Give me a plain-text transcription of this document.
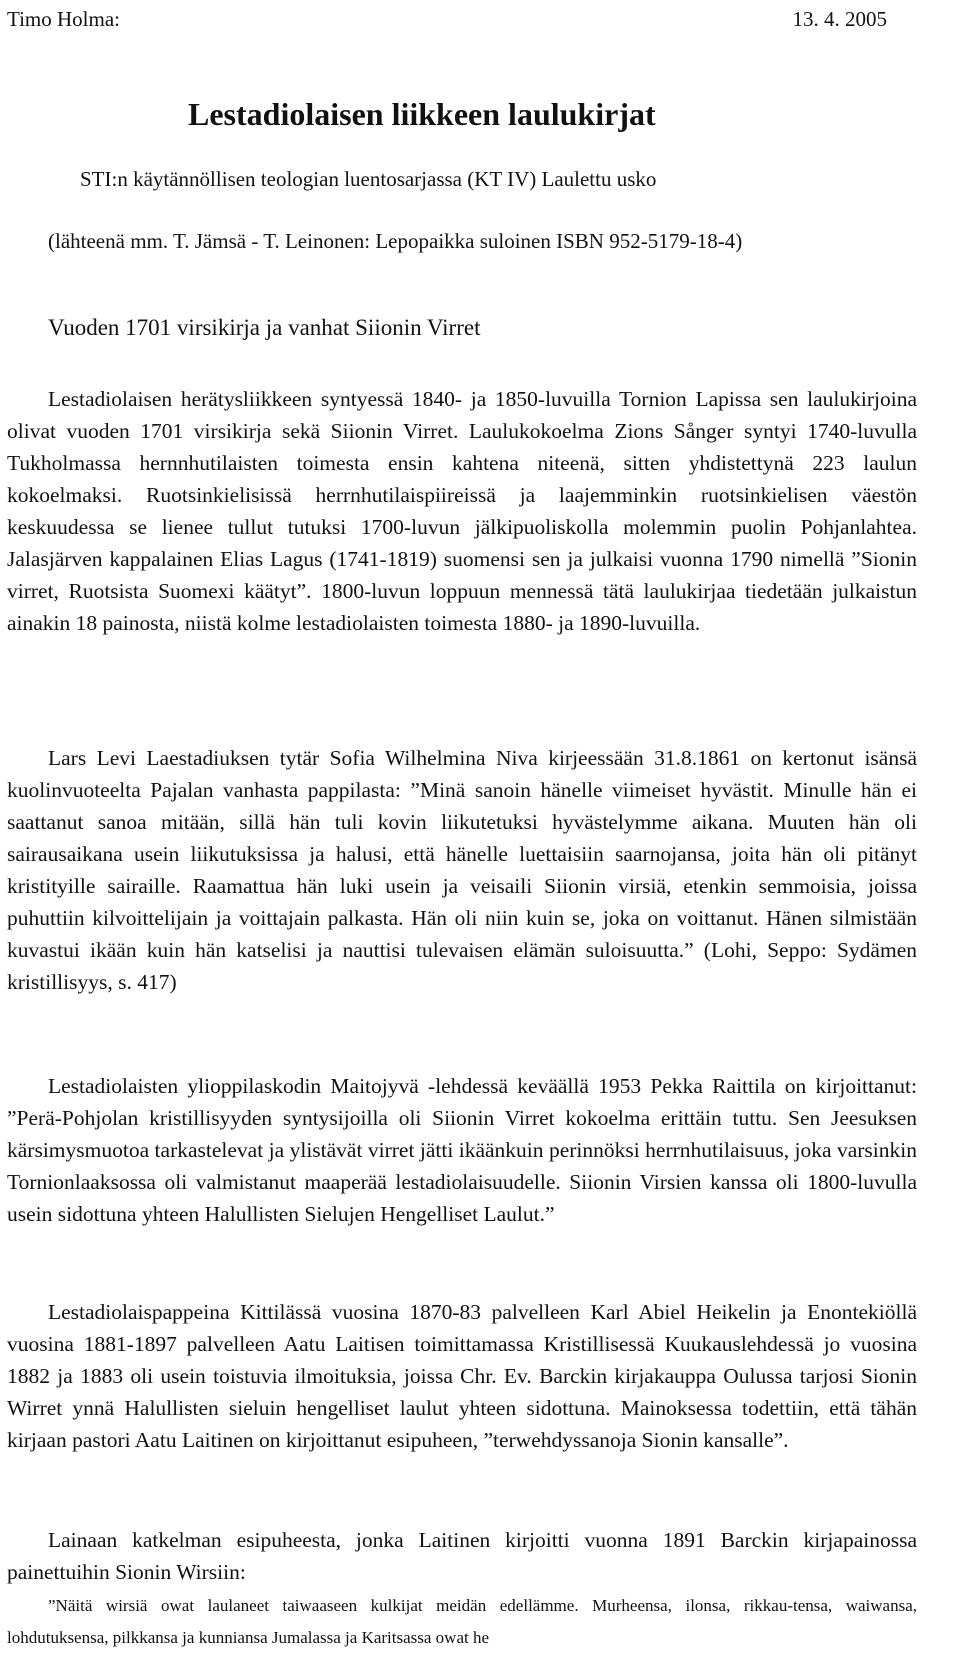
Timo Holma:	13. 4. 2005
Lestadiolaisen liikkeen laulukirjat
STI:n käytännöllisen teologian luentosarjassa (KT IV) Laulettu usko
(lähteenä mm. T. Jämsä - T. Leinonen: Lepopaikka suloinen ISBN 952-5179-18-4)
Vuoden 1701 virsikirja ja vanhat Siionin Virret

Lestadiolaisen herätysliikkeen syntyessä 1840- ja 1850-luvuilla Tornion Lapissa sen laulukirjoina olivat vuoden 1701 virsikirja sekä Siionin Virret. Laulukokoelma Zions Sånger syntyi 1740-luvulla Tukholmassa hernnhutilaisten toimesta ensin kahtena niteenä, sitten yhdistettynä 223 laulun kokoelmaksi. Ruotsinkielisissä herrnhutilaispiireissä ja laajemminkin ruotsinkielisen väestön keskuudessa se lienee tullut tutuksi 1700-luvun jälkipuoliskolla molemmin puolin Pohjanlahtea. Jalasjärven kappalainen Elias Lagus (1741-1819) suomensi sen ja julkaisi vuonna 1790 nimellä ”Sionin virret, Ruotsista Suomexi käätyt”. 1800-luvun loppuun mennessä tätä laulukirjaa tiedetään julkaistun ainakin 18 painosta, niistä kolme lestadiolaisten toimesta 1880- ja 1890-luvuilla.

Lars Levi Laestadiuksen tytär Sofia Wilhelmina Niva kirjeessään 31.8.1861 on kertonut isänsä kuolinvuoteelta Pajalan vanhasta pappilasta: ”Minä sanoin hänelle viimeiset hyvästit. Minulle hän ei saattanut sanoa mitään, sillä hän tuli kovin liikutetuksi hyvästelymme aikana. Muuten hän oli sairausaikana usein liikutuksissa ja halusi, että hänelle luettaisiin saarnojansa, joita hän oli pitänyt kristityille sairaille. Raamattua hän luki usein ja veisaili Siionin virsiä, etenkin semmoisia, joissa puhuttiin kilvoittelijain ja voittajain palkasta. Hän oli niin kuin se, joka on voittanut. Hänen silmistään kuvastui ikään kuin hän katselisi ja nauttisi tulevaisen elämän suloisuutta.” (Lohi, Seppo: Sydämen kristillisyys, s. 417)

Lestadiolaisten ylioppilaskodin Maitojyvä -lehdessä keväällä 1953 Pekka Raittila on kirjoittanut: ”Perä-Pohjolan kristillisyyden syntysijoilla oli Siionin Virret kokoelma erittäin tuttu. Sen Jeesuksen kärsimysmuotoa tarkastelevat ja ylistävät virret jätti ikäänkuin perinnöksi herrnhutilaisuus, joka varsinkin Tornionlaaksossa oli valmistanut maaperää lestadiolaisuudelle. Siionin Virsien kanssa oli 1800-luvulla usein sidottuna yhteen Halullisten Sielujen Hengelliset Laulut.”

Lestadiolaispappeina Kittilässä vuosina 1870-83 palvelleen Karl Abiel Heikelin ja Enontekiöllä vuosina 1881-1897 palvelleen Aatu Laitisen toimittamassa Kristillisessä Kuukauslehdessä jo vuosina 1882 ja 1883 oli usein toistuvia ilmoituksia, joissa Chr. Ev. Barckin kirjakauppa Oulussa tarjosi Sionin Wirret ynnä Halullisten sieluin hengelliset laulut yhteen sidottuna. Mainoksessa todettiin, että tähän kirjaan pastori Aatu Laitinen on kirjoittanut esipuheen, ”terwehdyssanoja Sionin kansalle”.

Lainaan katkelman esipuheesta, jonka Laitinen kirjoitti vuonna 1891 Barckin kirjapainossa painettuihin Sionin Wirsiin:

”Näitä wirsiä owat laulaneet taiwaaseen kulkijat meidän edellämme. Murheensa, ilonsa, rikkau-tensa, waiwansa, lohdutuksensa, pilkkansa ja kunniansa Jumalassa ja Karitsassa owat he
